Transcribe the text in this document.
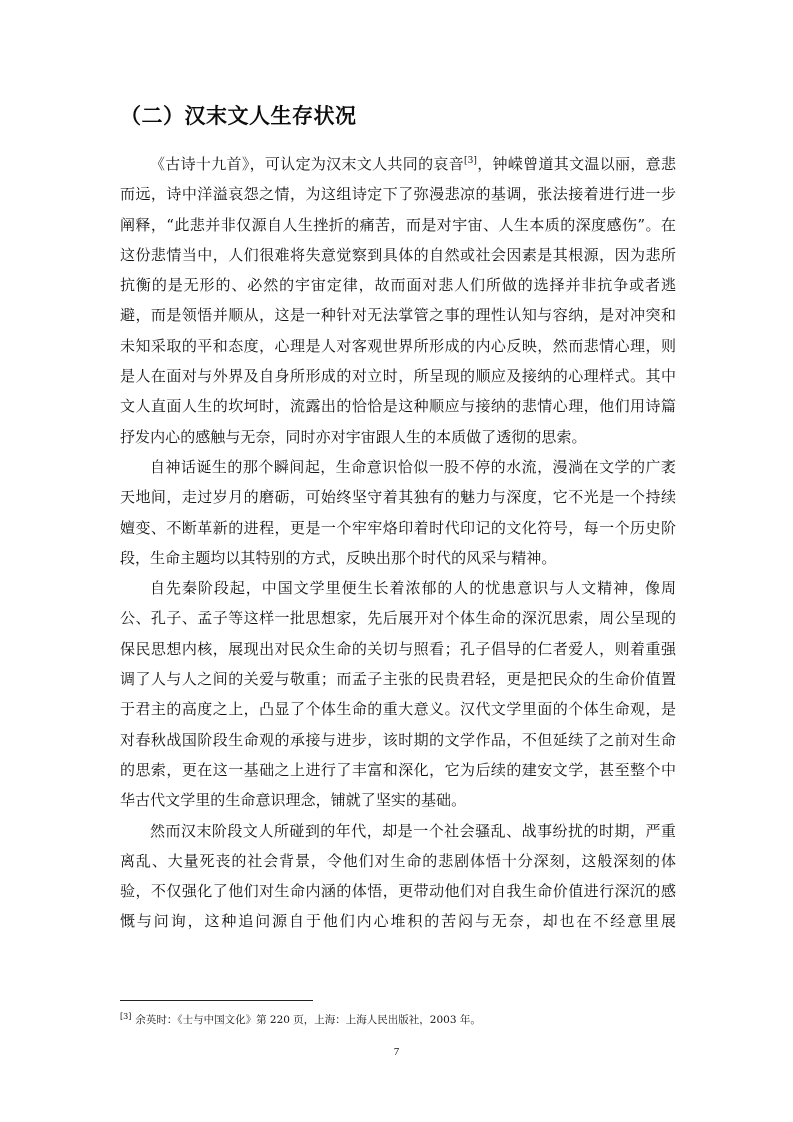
（二）汉末文人生存状况

《古诗十九首》，可认定为汉末文人共同的哀音[3]，钟嵘曾道其文温以丽，意悲而远，诗中洋溢哀怨之情，为这组诗定下了弥漫悲凉的基调，张法接着进行进一步阐释，“此悲并非仅源自人生挫折的痛苦，而是对宇宙、人生本质的深度感伤”。在这份悲情当中，人们很难将失意觉察到具体的自然或社会因素是其根源，因为悲所抗衡的是无形的、必然的宇宙定律，故而面对悲人们所做的选择并非抗争或者逃避，而是领悟并顺从，这是一种针对无法掌管之事的理性认知与容纳，是对冲突和未知采取的平和态度，心理是人对客观世界所形成的内心反映，然而悲情心理，则是人在面对与外界及自身所形成的对立时，所呈现的顺应及接纳的心理样式。其中文人直面人生的坎坷时，流露出的恰恰是这种顺应与接纳的悲情心理，他们用诗篇抒发内心的感触与无奈，同时亦对宇宙跟人生的本质做了透彻的思索。

自神话诞生的那个瞬间起，生命意识恰似一股不停的水流，漫淌在文学的广袤天地间，走过岁月的磨砺，可始终坚守着其独有的魅力与深度，它不光是一个持续嬗变、不断革新的进程，更是一个牢牢烙印着时代印记的文化符号，每一个历史阶段，生命主题均以其特别的方式，反映出那个时代的风采与精神。

自先秦阶段起，中国文学里便生长着浓郁的人的忧患意识与人文精神，像周公、孔子、孟子等这样一批思想家，先后展开对个体生命的深沉思索，周公呈现的保民思想内核，展现出对民众生命的关切与照看；孔子倡导的仁者爱人，则着重强调了人与人之间的关爱与敬重；而孟子主张的民贵君轻，更是把民众的生命价值置于君主的高度之上，凸显了个体生命的重大意义。汉代文学里面的个体生命观，是对春秋战国阶段生命观的承接与进步，该时期的文学作品，不但延续了之前对生命的思索，更在这一基础之上进行了丰富和深化，它为后续的建安文学，甚至整个中华古代文学里的生命意识理念，铺就了坚实的基础。

然而汉末阶段文人所碰到的年代，却是一个社会骚乱、战事纷扰的时期，严重离乱、大量死丧的社会背景，令他们对生命的悲剧体悟十分深刻，这般深刻的体验，不仅强化了他们对生命内涵的体悟，更带动他们对自我生命价值进行深沉的感慨与问询，这种追问源自于他们内心堆积的苦闷与无奈，却也在不经意里展

[3] 余英时：《士与中国文化》第 220 页，上海：上海人民出版社，2003 年。
7
